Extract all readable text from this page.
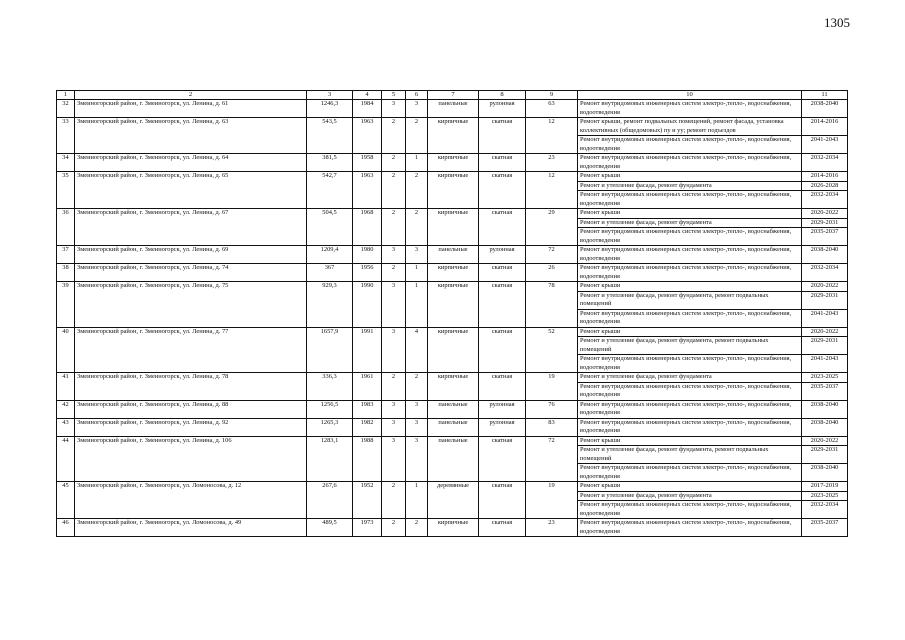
1305
1	2	3	4	5	6	7	8	9	10	11
32	Змеиногорский район, г. Змеиногорск, ул. Ленина, д. 61	1246,3	1984	3	3	панельные	рулонная	63	Ремонт внутридомовых инженерных систем электро-,тепло-, водоснабжения, водоотведения	2038-2040
33	Змеиногорский район, г. Змеиногорск, ул. Ленина, д. 63	543,5	1963	2	2	кирпичные	скатная	12	Ремонт крыши, ремонт подвальных помещений, ремонт фасада, установка коллективных (общедомовых) пу и уу; ремонт подъездов	2014-2016
									Ремонт внутридомовых инженерных систем электро-,тепло-, водоснабжения, водоотведения	2041-2043
34	Змеиногорский район, г. Змеиногорск, ул. Ленина, д. 64	381,5	1958	2	1	кирпичные	скатная	23	Ремонт внутридомовых инженерных систем электро-,тепло-, водоснабжения, водоотведения	2032-2034
35	Змеиногорский район, г. Змеиногорск, ул. Ленина, д. 65	542,7	1963	2	2	кирпичные	скатная	12	Ремонт крыши	2014-2016
									Ремонт и утепление фасада, ремонт фундамента	2026-2028
									Ремонт внутридомовых инженерных систем электро-,тепло-, водоснабжения, водоотведения	2032-2034
36	Змеиногорский район, г. Змеиногорск, ул. Ленина, д. 67	504,5	1968	2	2	кирпичные	скатная	29	Ремонт крыши	2020-2022
									Ремонт и утепление фасада, ремонт фундамента	2029-2031
									Ремонт внутридомовых инженерных систем электро-,тепло-, водоснабжения, водоотведения	2035-2037
37	Змеиногорский район, г. Змеиногорск, ул. Ленина, д. 69	1209,4	1980	3	3	панельные	рулонная	72	Ремонт внутридомовых инженерных систем электро-,тепло-, водоснабжения, водоотведения	2038-2040
38	Змеиногорский район, г. Змеиногорск, ул. Ленина, д. 74	367	1956	2	1	кирпичные	скатная	26	Ремонт внутридомовых инженерных систем электро-,тепло-, водоснабжения, водоотведения	2032-2034
39	Змеиногорский район, г. Змеиногорск, ул. Ленина, д. 75	929,3	1990	3	1	кирпичные	скатная	78	Ремонт крыши	2020-2022
									Ремонт и утепление фасада, ремонт фундамента, ремонт подвальных помещений	2029-2031
									Ремонт внутридомовых инженерных систем электро-,тепло-, водоснабжения, водоотведения	2041-2043
40	Змеиногорский район, г. Змеиногорск, ул. Ленина, д. 77	1657,9	1991	3	4	кирпичные	скатная	52	Ремонт крыши	2020-2022
									Ремонт и утепление фасада, ремонт фундамента, ремонт подвальных помещений	2029-2031
									Ремонт внутридомовых инженерных систем электро-,тепло-, водоснабжения, водоотведения	2041-2043
41	Змеиногорский район, г. Змеиногорск, ул. Ленина, д. 78	336,3	1961	2	2	кирпичные	скатная	19	Ремонт и утепление фасада, ремонт фундамента	2023-2025
									Ремонт внутридомовых инженерных систем электро-,тепло-, водоснабжения, водоотведения	2035-2037
42	Змеиногорский район, г. Змеиногорск, ул. Ленина, д. 88	1256,5	1983	3	3	панельные	рулонная	76	Ремонт внутридомовых инженерных систем электро-,тепло-, водоснабжения, водоотведения	2038-2040
43	Змеиногорский район, г. Змеиногорск, ул. Ленина, д. 92	1265,3	1982	3	3	панельные	рулонная	83	Ремонт внутридомовых инженерных систем электро-,тепло-, водоснабжения, водоотведения	2038-2040
44	Змеиногорский район, г. Змеиногорск, ул. Ленина, д. 106	1283,1	1988	3	3	панельные	скатная	72	Ремонт крыши	2020-2022
									Ремонт и утепление фасада, ремонт фундамента, ремонт подвальных помещений	2029-2031
									Ремонт внутридомовых инженерных систем электро-,тепло-, водоснабжения, водоотведения	2038-2040
45	Змеиногорский район, г. Змеиногорск, ул. Ломоносова, д. 12	267,6	1952	2	1	деревянные	скатная	19	Ремонт крыши	2017-2019
									Ремонт и утепление фасада, ремонт фундамента	2023-2025
									Ремонт внутридомовых инженерных систем электро-,тепло-, водоснабжения, водоотведения	2032-2034
46	Змеиногорский район, г. Змеиногорск, ул. Ломоносова, д. 49	489,5	1973	2	2	кирпичные	скатная	23	Ремонт внутридомовых инженерных систем электро-,тепло-, водоснабжения, водоотведения	2035-2037
